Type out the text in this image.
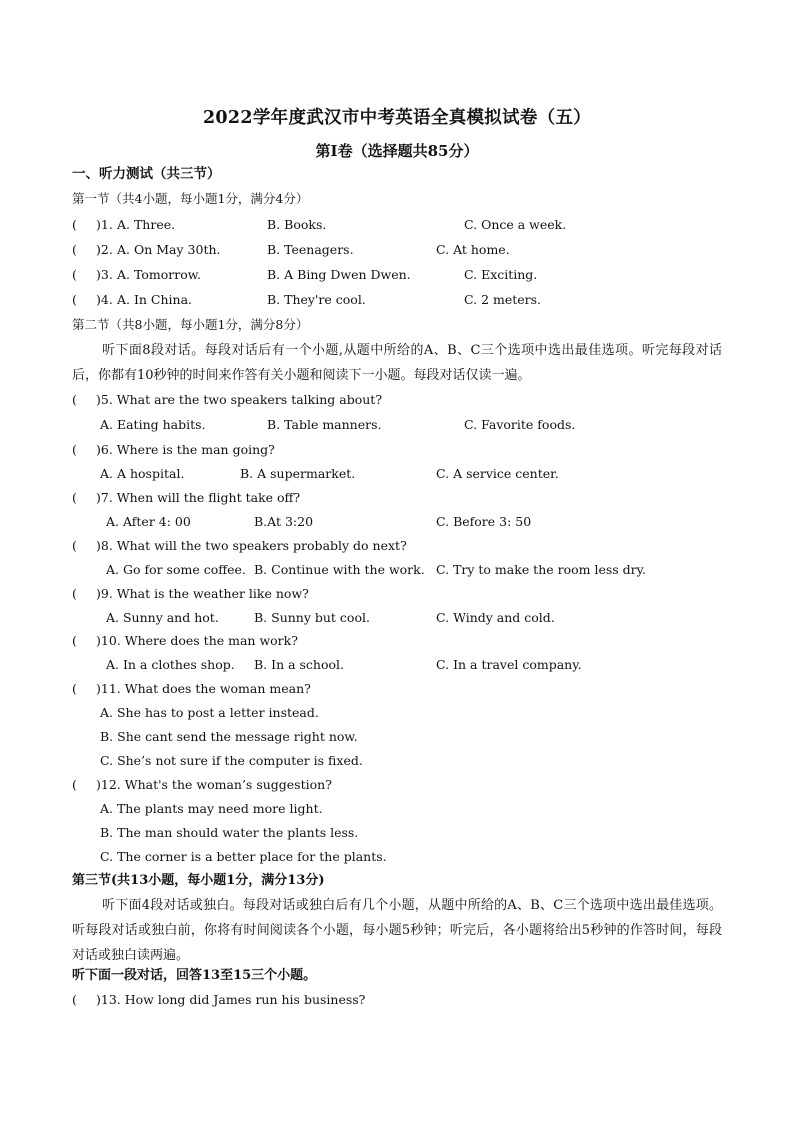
2022学年度武汉市中考英语全真模拟试卷（五）
第I卷（选择题共85分）
一、听力测试（共三节）
第一节（共4小题，每小题1分，满分4分）
( )1. A. Three.	B. Books.	C. Once a week.
( )2. A. On May 30th.	B. Teenagers.	C. At home.
( )3. A. Tomorrow.	B. A Bing Dwen Dwen.	C. Exciting.
( )4. A. In China.	B. They're cool.	C. 2 meters.
第二节（共8小题，每小题1分，满分8分）
听下面8段对话。每段对话后有一个小题,从题中所给的A、B、C三个选项中选出最佳选项。听完每段对话后，你都有10秒钟的时间来作答有关小题和阅读下一小题。每段对话仅读一遍。
( )5. What are the two speakers talking about?
A. Eating habits.	B. Table manners.	C. Favorite foods.
( )6. Where is the man going?
A. A hospital.	B. A supermarket.	C. A service center.
( )7. When will the flight take off?
A. After 4: 00	B.At 3:20	C. Before 3: 50
( )8. What will the two speakers probably do next?
A. Go for some coffee. B. Continue with the work. C. Try to make the room less dry.
( )9. What is the weather like now?
A. Sunny and hot.	B. Sunny but cool.	C. Windy and cold.
( )10. Where does the man work?
A. In a clothes shop. B. In a school.	C. In a travel company.
( )11. What does the woman mean?
A. She has to post a letter instead.
B. She cant send the message right now.
C. She’s not sure if the computer is fixed.
( )12. What's the woman’s suggestion?
A. The plants may need more light.
B. The man should water the plants less.
C. The corner is a better place for the plants.
第三节(共13小题，每小题1分，满分13分)
听下面4段对话或独白。每段对话或独白后有几个小题，从题中所给的A、B、C三个选项中选出最佳选项。听每段对话或独白前，你将有时间阅读各个小题，每小题5秒钟；听完后，各小题将给出5秒钟的作答时间，每段对话或独白读两遍。
听下面一段对话，回答13至15三个小题。
( )13. How long did James run his business?
